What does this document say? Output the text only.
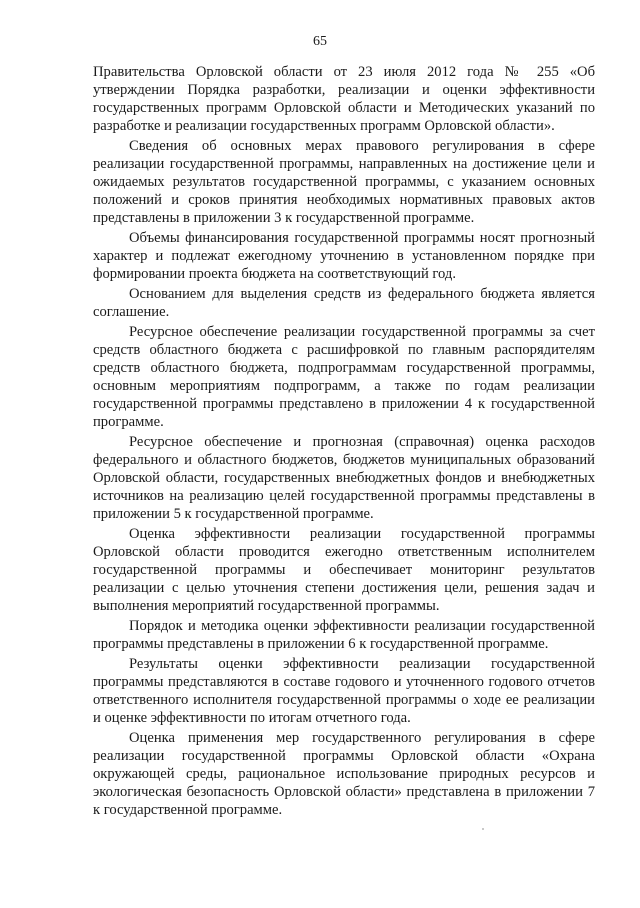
65

Правительства Орловской области от 23 июля 2012 года № 255 «Об утверждении Порядка разработки, реализации и оценки эффективности государственных программ Орловской области и Методических указаний по разработке и реализации государственных программ Орловской области».

Сведения об основных мерах правового регулирования в сфере реализации государственной программы, направленных на достижение цели и ожидаемых результатов государственной программы, с указанием основных положений и сроков принятия необходимых нормативных правовых актов представлены в приложении 3 к государственной программе.

Объемы финансирования государственной программы носят прогнозный характер и подлежат ежегодному уточнению в установленном порядке при формировании проекта бюджета на соответствующий год.

Основанием для выделения средств из федерального бюджета является соглашение.

Ресурсное обеспечение реализации государственной программы за счет средств областного бюджета с расшифровкой по главным распорядителям средств областного бюджета, подпрограммам государственной программы, основным мероприятиям подпрограмм, а также по годам реализации государственной программы представлено в приложении 4 к государственной программе.

Ресурсное обеспечение и прогнозная (справочная) оценка расходов федерального и областного бюджетов, бюджетов муниципальных образований Орловской области, государственных внебюджетных фондов и внебюджетных источников на реализацию целей государственной программы представлены в приложении 5 к государственной программе.

Оценка эффективности реализации государственной программы Орловской области проводится ежегодно ответственным исполнителем государственной программы и обеспечивает мониторинг результатов реализации с целью уточнения степени достижения цели, решения задач и выполнения мероприятий государственной программы.

Порядок и методика оценки эффективности реализации государственной программы представлены в приложении 6 к государственной программе.

Результаты оценки эффективности реализации государственной программы представляются в составе годового и уточненного годового отчетов ответственного исполнителя государственной программы о ходе ее реализации и оценке эффективности по итогам отчетного года.

Оценка применения мер государственного регулирования в сфере реализации государственной программы Орловской области «Охрана окружающей среды, рациональное использование природных ресурсов и экологическая безопасность Орловской области» представлена в приложении 7 к государственной программе.
